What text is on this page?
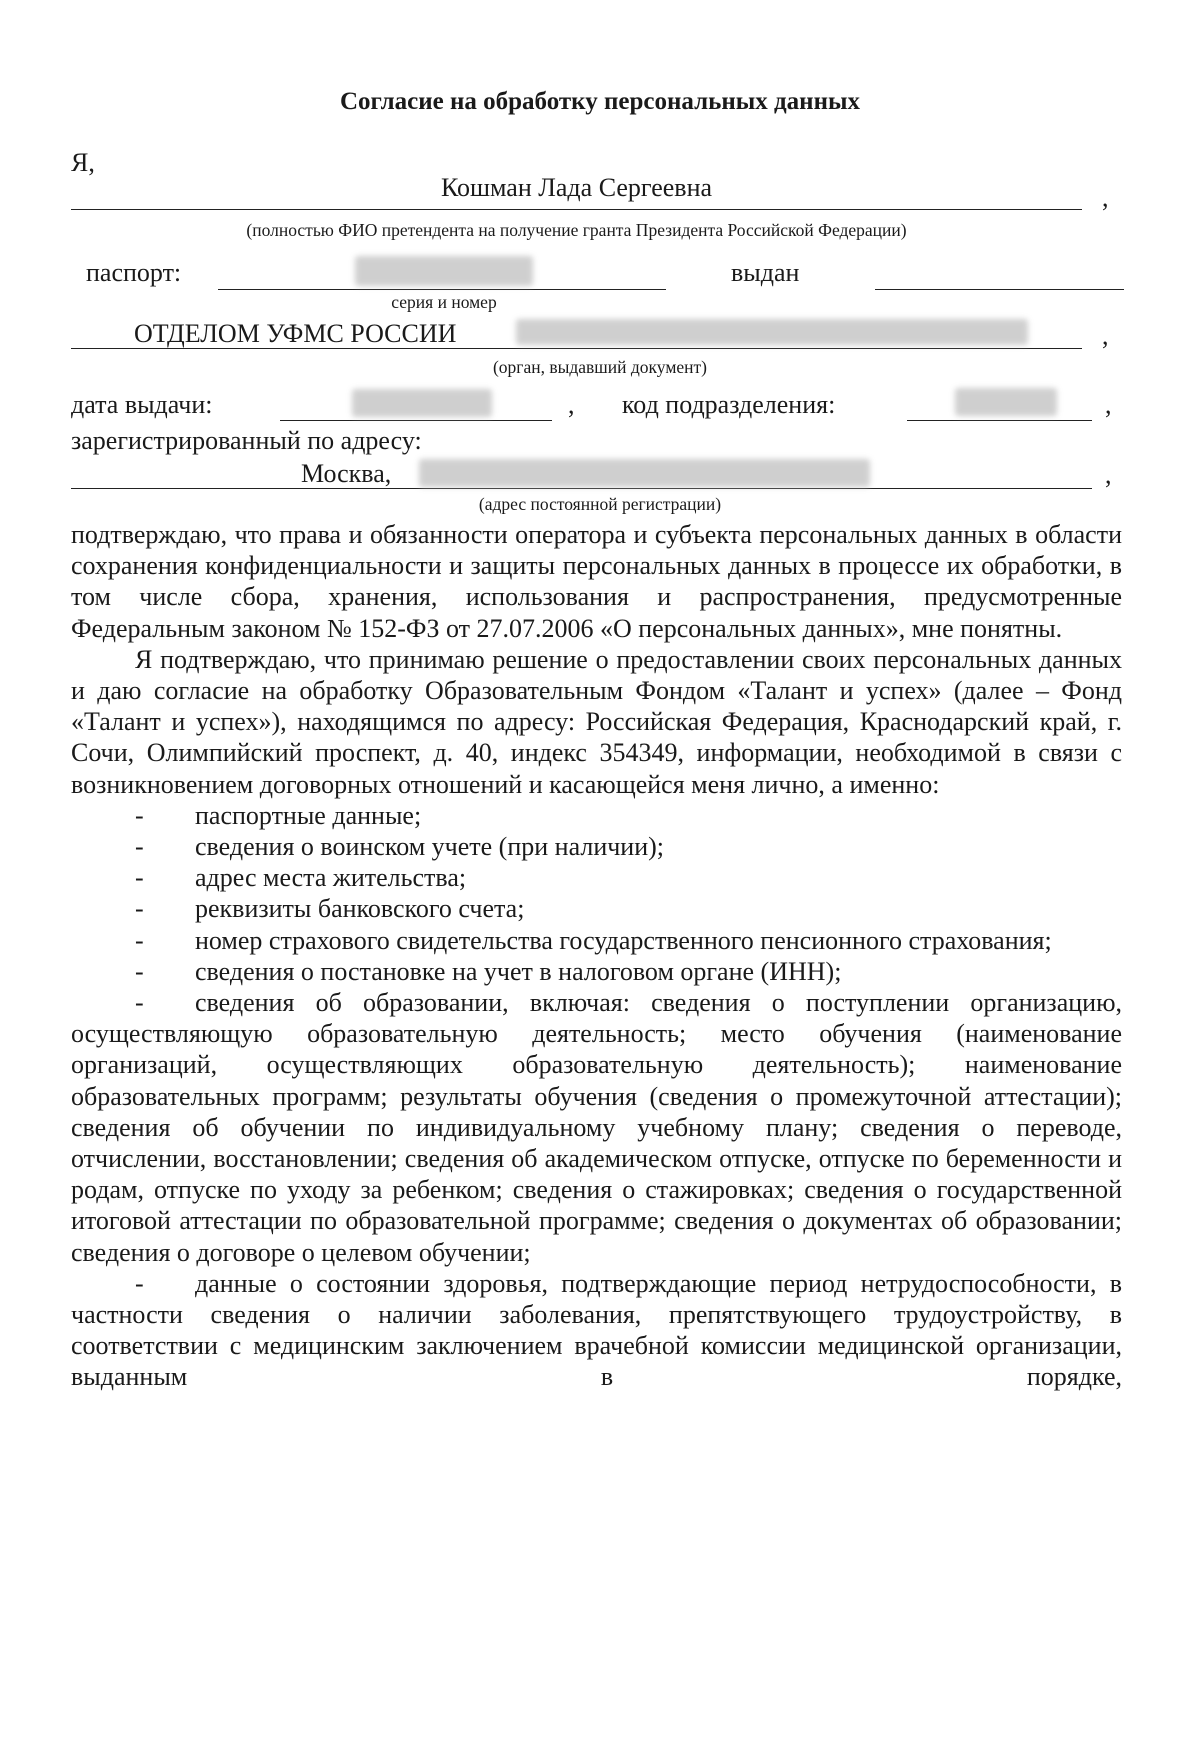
Согласие на обработку персональных данных
Я,
Кошман Лада Сергеевна	,
(полностью ФИО претендента на получение гранта Президента Российской Федерации)
паспорт:	выдан
серия и номер
ОТДЕЛОМ УФМС РОССИИ	,
(орган, выдавший документ)
дата выдачи:	, код подразделения:	,
зарегистрированный по адресу:
Москва,	,
(адрес постоянной регистрации)

подтверждаю, что права и обязанности оператора и субъекта персональных данных в области сохранения конфиденциальности и защиты персональных данных в процессе их обработки, в том числе сбора, хранения, использования и распространения, предусмотренные Федеральным законом № 152-ФЗ от 27.07.2006 «О персональных данных», мне понятны.

Я подтверждаю, что принимаю решение о предоставлении своих персональных данных и даю согласие на обработку Образовательным Фондом «Талант и успех» (далее – Фонд «Талант и успех»), находящимся по адресу: Российская Федерация, Краснодарский край, г. Сочи, Олимпийский проспект, д. 40, индекс 354349, информации, необходимой в связи с возникновением договорных отношений и касающейся меня лично, а именно:

-	паспортные данные;
-	сведения о воинском учете (при наличии);
-	адрес места жительства;
-	реквизиты банковского счета;

- номер страхового свидетельства государственного пенсионного страхования;

-	сведения о постановке на учет в налоговом органе (ИНН);

- сведения об образовании, включая: сведения о поступлении организацию, осуществляющую образовательную деятельность; место обучения (наименование организаций, осуществляющих образовательную деятельность); наименование образовательных программ; результаты обучения (сведения о промежуточной аттестации); сведения об обучении по индивидуальному учебному плану; сведения о переводе, отчислении, восстановлении; сведения об академическом отпуске, отпуске по беременности и родам, отпуске по уходу за ребенком; сведения о стажировках; сведения о государственной итоговой аттестации по образовательной программе; сведения о документах об образовании; сведения о договоре о целевом обучении;

- данные о состоянии здоровья, подтверждающие период нетрудоспособности, в частности сведения о наличии заболевания, препятствующего трудоустройству, в соответствии с медицинским заключением врачебной комиссии медицинской организации, выданным в порядке,
